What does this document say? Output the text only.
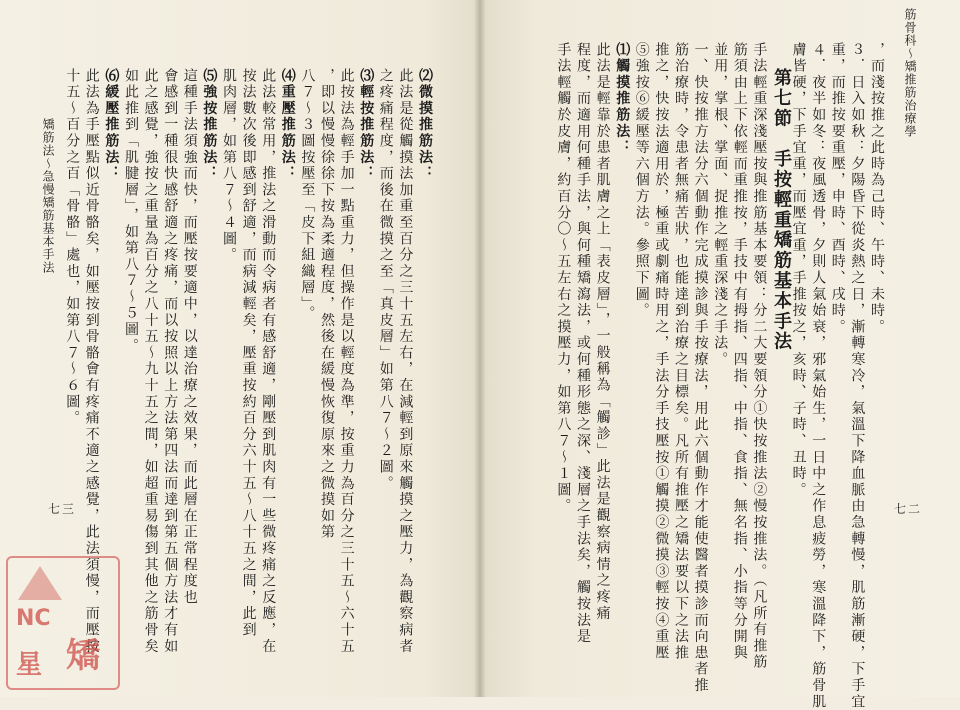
矯筋法～急慢矯筋基本手法	⑵微摸推筋法：
此法是從觸摸法加重至百分之三十五左右，在減輕到原來觸摸之壓力，為觀察病者
之疼痛程度，而後在微摸之至「真皮層」如第八７～２圖。
⑶輕按推筋法：
此按法為輕手加一點重力，但操作是以輕度為準，按重力為百分之三十五～六十五
，即以慢慢徐徐下按為柔適程度，然後在緩慢恢復原來之微摸如第
八７～３圖按壓至「皮下組織層」。
⑷重壓推筋法：
此法較常用，推法之滑動而令病者有感舒適，剛壓到肌肉有一些微疼痛之反應，在
按法數次後即感到舒適，而病減輕矣，壓重按約百分六十五～八十五之間，此到
肌肉層，如第八７～４圖。
⑸強按推筋法：
這種手法須強而快，而壓按要適中，以達治療之效果，而此層在正常程度也
會感到一種很快感舒適之疼痛，而以按照以上方法第四法而達到第五個方法才有如
此之感覺，強按之重量為百分之八十五～九十五之間，如超重易傷到其他之筋骨矣
如此推到「肌腱層」，如第八７～５圖。
⑹緩壓推筋法：
此法為手壓點似近骨骼矣，如壓按到骨骼會有疼痛不適之感覺，此法須慢，而壓按
十五～百分之百「骨骼」處也，如第八７～６圖。
七三
NC
星 矯
筋骨科～矯推筋治療學
，而淺按推之此時為己時、午時、未時。
３．日入如秋：夕陽昏下從炎熱之日，漸轉寒冷，氣溫下降血脈由急轉慢，肌筋漸硬，下手宜
重，而推按要重壓，申時、酉時、戌時。
４．夜半如冬：夜風透骨，夕則人氣始衰，邪氣始生，一日中之作息疲勞，寒溫降下，筋骨肌
膚皆硬，下手宜重，而壓宜重，手推按之，亥時、子時、丑時。
第七節　手按輕重矯筋基本手法
手法輕重深淺壓按與推筋基本要領：分二大要領分①快按推法②慢按推法。（凡所有推筋
筋須由上下依輕而重推按，手技中有拇指、四指、中指、食指、無名指、小指等分開與
並用，掌根、掌面、捉推之輕重深淺之手法。
一、快按推方法分六個動作完成摸診與手按療法，用此六個動作才能使醫者摸診而向患者推
筋治療時，令患者無痛苦狀，也能達到治療之目標矣。凡所有推壓之矯法要以下之法推
推之，快按法適用於，極重或劇痛時用之，手法分手技壓按①觸摸②微摸③輕按④重壓
⑤強按⑥緩壓等六個方法。參照下圖。
⑴觸摸推筋法：
此法是輕靠於患者肌膚之上「表皮層」，一般稱為「觸診」此法是觀察病情之疼痛
程度，而適用何種手法，與何種矯瀉法，或何種形態之深、淺層之手法矣，觸按法是
手法輕觸於皮膚，約百分〇～五左右之摸壓力，如第八７～１圖。	七二
